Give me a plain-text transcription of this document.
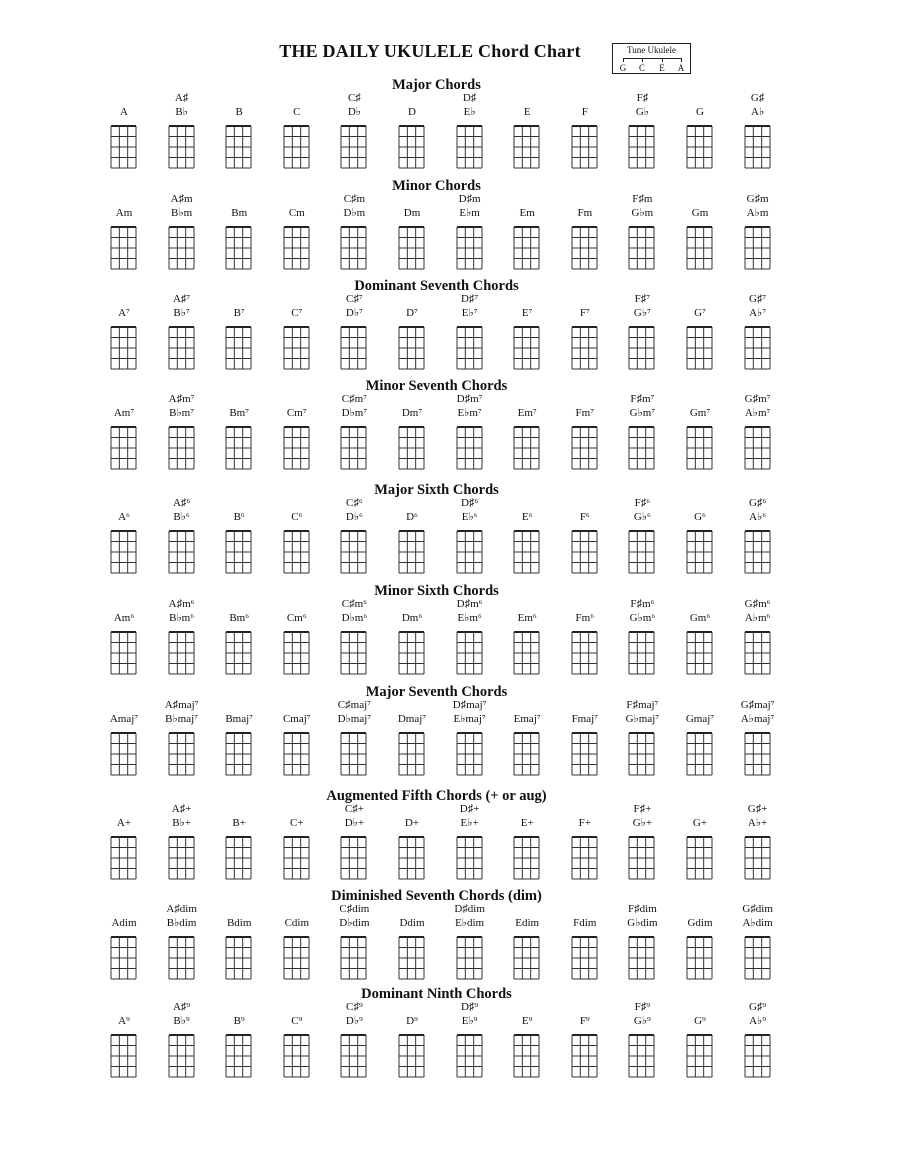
THE DAILY UKULELE Chord Chart	Tune Ukulele
G	C	E	A
Major Chords
A
A♯
B♭	B	C
C♯
D♭	D
D♯
E♭	E	F
F♯
G♭	G
G♯
A♭
Minor Chords
Am
A♯m
B♭m	Bm	Cm
C♯m
D♭m	Dm
D♯m
E♭m	Em	Fm
F♯m
G♭m	Gm
G♯m
A♭m
Dominant Seventh Chords
A⁷
A♯⁷
B♭⁷	B⁷	C⁷
C♯⁷
D♭⁷	D⁷
D♯⁷
E♭⁷	E⁷	F⁷
F♯⁷
G♭⁷	G⁷
G♯⁷
A♭⁷
Minor Seventh Chords
Am⁷
A♯m⁷
B♭m⁷	Bm⁷	Cm⁷
C♯m⁷
D♭m⁷	Dm⁷
D♯m⁷
E♭m⁷	Em⁷	Fm⁷
F♯m⁷
G♭m⁷	Gm⁷
G♯m⁷
A♭m⁷
Major Sixth Chords
A⁶
A♯⁶
B♭⁶	B⁶	C⁶
C♯⁶
D♭⁶	D⁶
D♯⁶
E♭⁶	E⁶	F⁶
F♯⁶
G♭⁶	G⁶
G♯⁶
A♭⁶
Minor Sixth Chords
Am⁶
A♯m⁶
B♭m⁶	Bm⁶	Cm⁶
C♯m⁶
D♭m⁶	Dm⁶
D♯m⁶
E♭m⁶	Em⁶	Fm⁶
F♯m⁶
G♭m⁶	Gm⁶
G♯m⁶
A♭m⁶
Major Seventh Chords
Amaj⁷
A♯maj⁷
B♭maj⁷	Bmaj⁷	Cmaj⁷
C♯maj⁷
D♭maj⁷	Dmaj⁷
D♯maj⁷
E♭maj⁷	Emaj⁷	Fmaj⁷
F♯maj⁷
G♭maj⁷	Gmaj⁷
G♯maj⁷
A♭maj⁷
Augmented Fifth Chords (+ or aug)
A+
A♯+
B♭+	B+	C+
C♯+
D♭+	D+
D♯+
E♭+	E+	F+
F♯+
G♭+	G+
G♯+
A♭+
Diminished Seventh Chords (dim)
Adim
A♯dim
B♭dim	Bdim	Cdim
C♯dim
D♭dim	Ddim
D♯dim
E♭dim	Edim	Fdim
F♯dim
G♭dim	Gdim
G♯dim
A♭dim
Dominant Ninth Chords
A⁹
A♯⁹
B♭⁹	B⁹	C⁹
C♯⁹
D♭⁹	D⁹
D♯⁹
E♭⁹	E⁹	F⁹
F♯⁹
G♭⁹	G⁹
G♯⁹
A♭⁹
